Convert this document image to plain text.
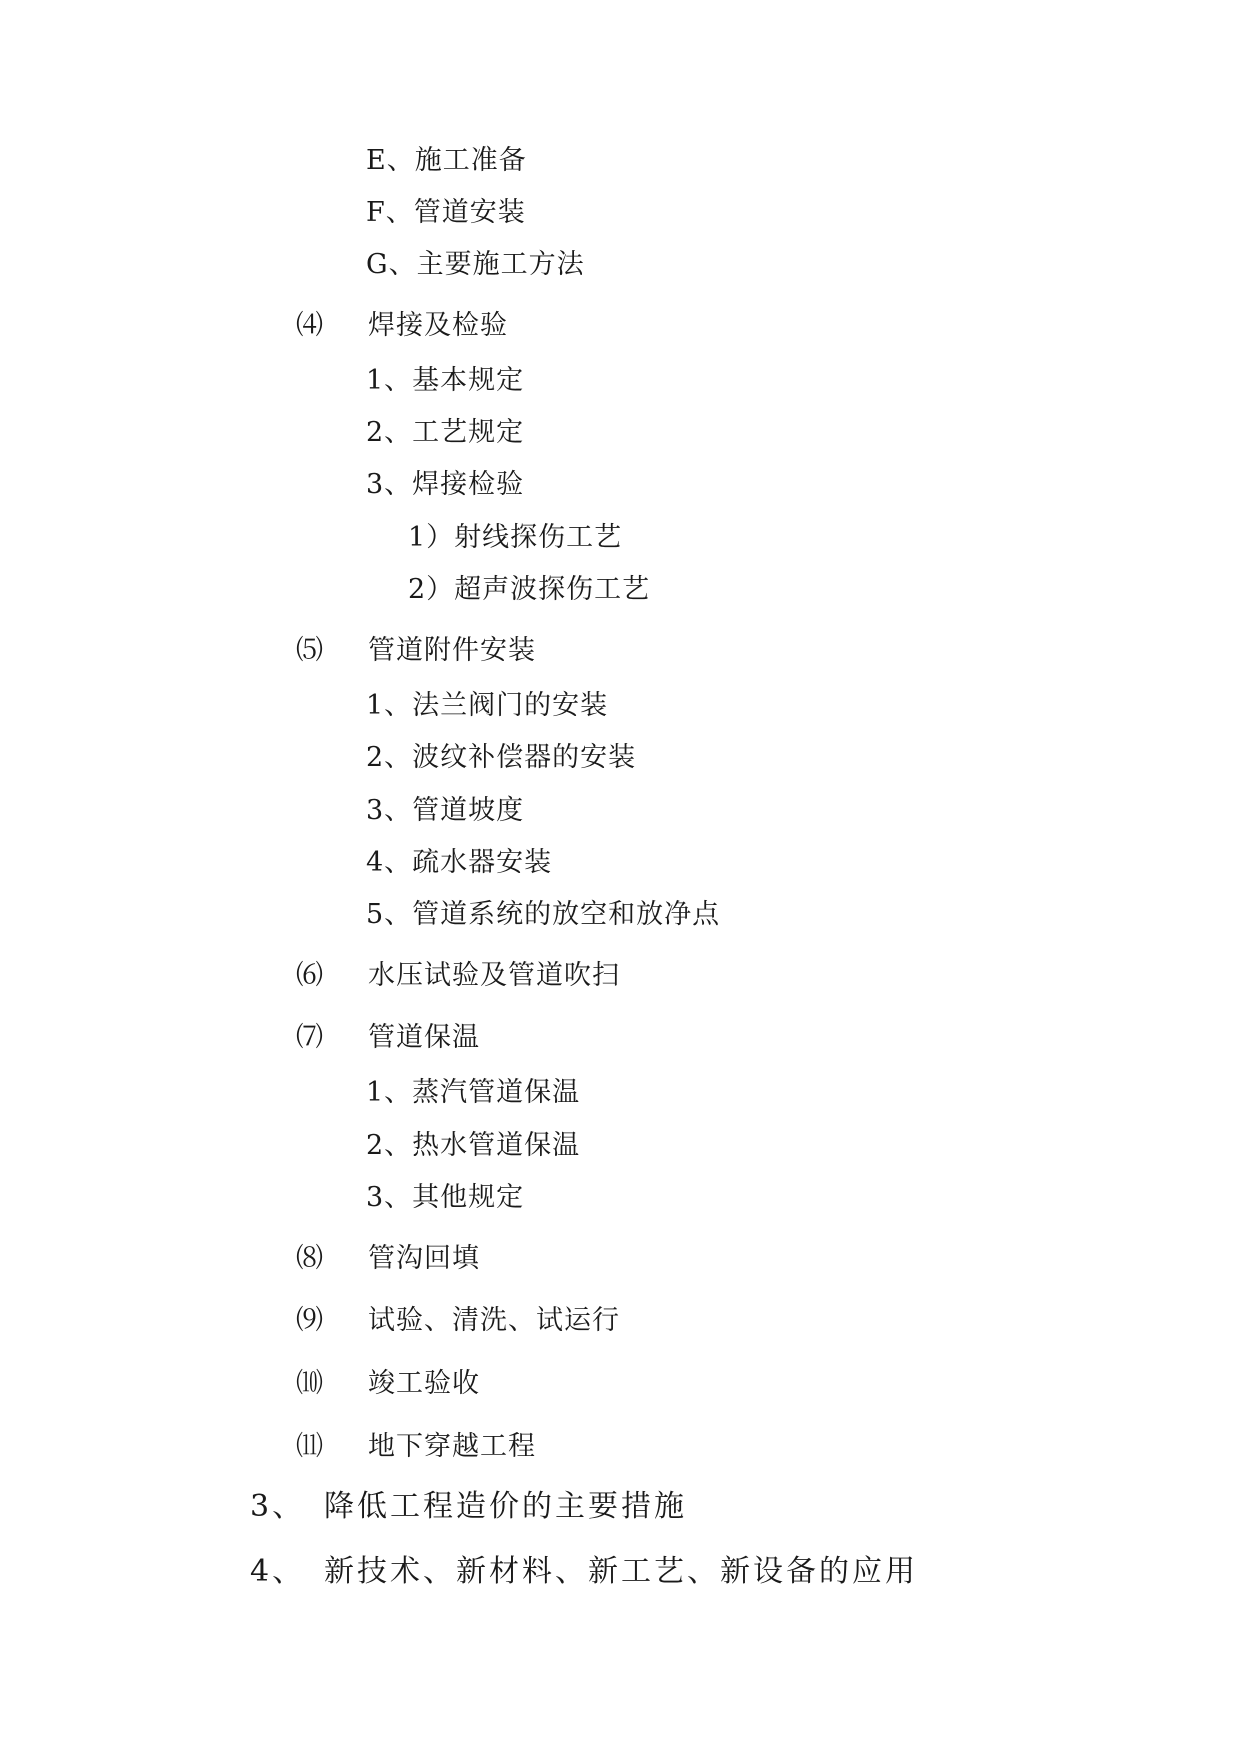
E、施工准备
F、管道安装
G、主要施工方法
⑷ 焊接及检验
1、基本规定
2、工艺规定
3、焊接检验
1）射线探伤工艺
2）超声波探伤工艺
⑸ 管道附件安装
1、法兰阀门的安装
2、波纹补偿器的安装
3、管道坡度
4、疏水器安装
5、管道系统的放空和放净点
⑹ 水压试验及管道吹扫
⑺ 管道保温
1、蒸汽管道保温
2、热水管道保温
3、其他规定
⑻ 管沟回填
⑼ 试验、清洗、试运行
⑽ 竣工验收
⑾ 地下穿越工程
3、 降低工程造价的主要措施
4、 新技术、新材料、新工艺、新设备的应用
